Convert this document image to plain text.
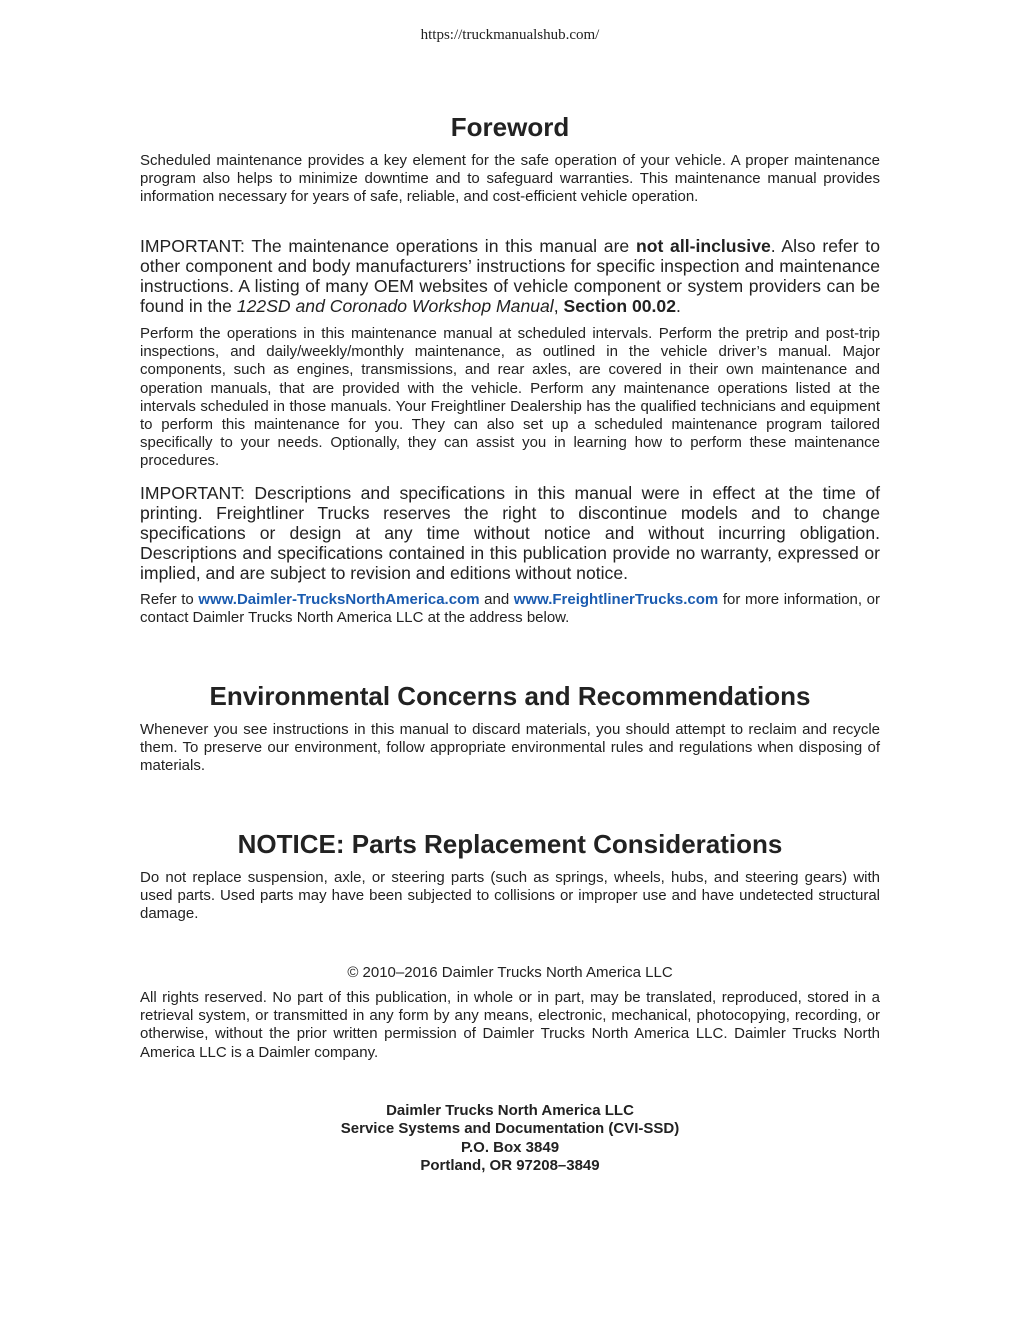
https://truckmanualshub.com/
Foreword

Scheduled maintenance provides a key element for the safe operation of your vehicle. A proper maintenance program also helps to minimize downtime and to safeguard warranties. This maintenance manual provides information necessary for years of safe, reliable, and cost-efficient vehicle operation.

IMPORTANT: The maintenance operations in this manual are not all-inclusive. Also refer to other component and body manufacturers’ instructions for specific inspection and maintenance instructions. A listing of many OEM websites of vehicle component or system providers can be found in the 122SD and Coronado Workshop Manual, Section 00.02.

Perform the operations in this maintenance manual at scheduled intervals. Perform the pretrip and post-trip inspections, and daily/weekly/monthly maintenance, as outlined in the vehicle driver’s manual. Major components, such as engines, transmissions, and rear axles, are covered in their own maintenance and operation manuals, that are provided with the vehicle. Perform any maintenance operations listed at the intervals scheduled in those manuals. Your Freightliner Dealership has the qualified technicians and equipment to perform this maintenance for you. They can also set up a scheduled maintenance program tailored specifically to your needs. Optionally, they can assist you in learning how to perform these maintenance procedures.

IMPORTANT: Descriptions and specifications in this manual were in effect at the time of printing. Freightliner Trucks reserves the right to discontinue models and to change specifications or design at any time without notice and without incurring obligation. Descriptions and specifications contained in this publication provide no warranty, expressed or implied, and are subject to revision and editions without notice.

Refer to www.Daimler-TrucksNorthAmerica.com and www.FreightlinerTrucks.com for more information, or contact Daimler Trucks North America LLC at the address below.

Environmental Concerns and Recommendations

Whenever you see instructions in this manual to discard materials, you should attempt to reclaim and recycle them. To preserve our environment, follow appropriate environmental rules and regulations when disposing of materials.

NOTICE: Parts Replacement Considerations

Do not replace suspension, axle, or steering parts (such as springs, wheels, hubs, and steering gears) with used parts. Used parts may have been subjected to collisions or improper use and have undetected structural damage.

© 2010–2016 Daimler Trucks North America LLC

All rights reserved. No part of this publication, in whole or in part, may be translated, reproduced, stored in a retrieval system, or transmitted in any form by any means, electronic, mechanical, photocopying, recording, or otherwise, without the prior written permission of Daimler Trucks North America LLC. Daimler Trucks North America LLC is a Daimler company.

Daimler Trucks North America LLC
Service Systems and Documentation (CVI-SSD)
P.O. Box 3849
Portland, OR 97208–3849
